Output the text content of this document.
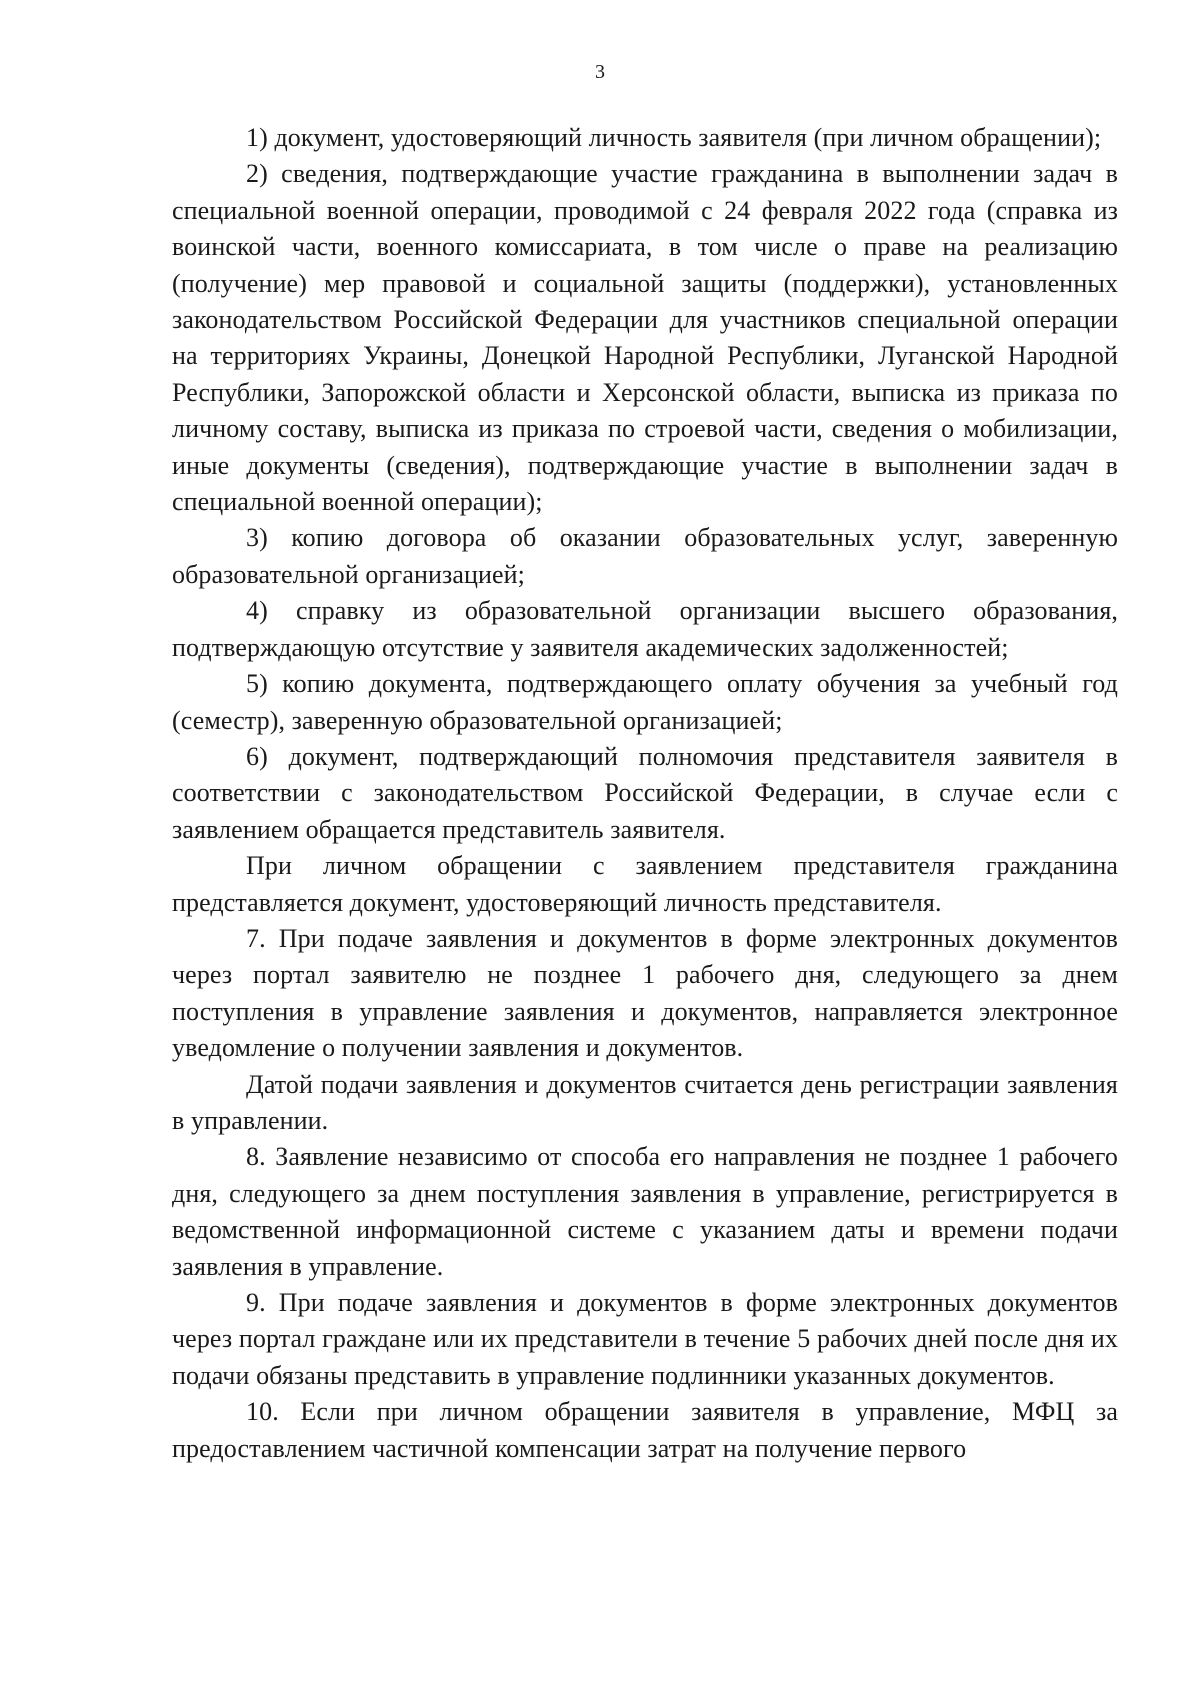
3

1) документ, удостоверяющий личность заявителя (при личном обращении);

2) сведения, подтверждающие участие гражданина в выполнении задач в специальной военной операции, проводимой с 24 февраля 2022 года (справка из воинской части, военного комиссариата, в том числе о праве на реализацию (получение) мер правовой и социальной защиты (поддержки), установленных законодательством Российской Федерации для участников специальной операции на территориях Украины, Донецкой Народной Республики, Луганской Народной Республики, Запорожской области и Херсонской области, выписка из приказа по личному составу, выписка из приказа по строевой части, сведения о мобилизации, иные документы (сведения), подтверждающие участие в выполнении задач в специальной военной операции);

3) копию договора об оказании образовательных услуг, заверенную образовательной организацией;

4) справку из образовательной организации высшего образования, подтверждающую отсутствие у заявителя академических задолженностей;

5) копию документа, подтверждающего оплату обучения за учебный год (семестр), заверенную образовательной организацией;

6) документ, подтверждающий полномочия представителя заявителя в соответствии с законодательством Российской Федерации, в случае если с заявлением обращается представитель заявителя.

При личном обращении с заявлением представителя гражданина представляется документ, удостоверяющий личность представителя.

7. При подаче заявления и документов в форме электронных документов через портал заявителю не позднее 1 рабочего дня, следующего за днем поступления в управление заявления и документов, направляется электронное уведомление о получении заявления и документов.

Датой подачи заявления и документов считается день регистрации заявления в управлении.

8. Заявление независимо от способа его направления не позднее 1 рабочего дня, следующего за днем поступления заявления в управление, регистрируется в ведомственной информационной системе с указанием даты и времени подачи заявления в управление.

9. При подаче заявления и документов в форме электронных документов через портал граждане или их представители в течение 5 рабочих дней после дня их подачи обязаны представить в управление подлинники указанных документов.

10. Если при личном обращении заявителя в управление, МФЦ за предоставлением частичной компенсации затрат на получение первого
